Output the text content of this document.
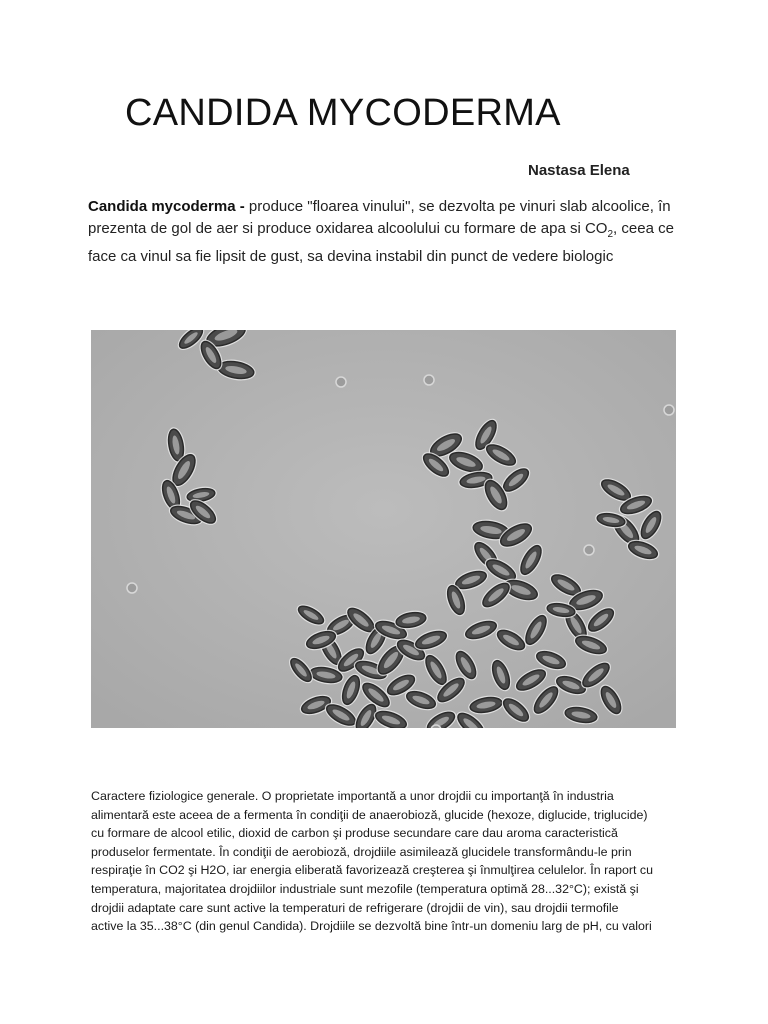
CANDIDA MYCODERMA
Nastasa Elena

Candida mycoderma - produce "floarea vinului", se dezvolta pe vinuri slab alcoolice, în prezenta de gol de aer si produce oxidarea alcoolului cu formare de apa si $CO_2$, ceea ce face ca vinul sa fie lipsit de gust, sa devina instabil din punct de vedere biologic

Caractere fiziologice generale. O proprietate importantă a unor drojdii cu importanţă în industria
alimentară este aceea de a fermenta în condiţii de anaerobioză, glucide (hexoze, diglucide, triglucide)
cu formare de alcool etilic, dioxid de carbon şi produse secundare care dau aroma caracteristică
produselor fermentate. În condiţii de aerobioză, drojdiile asimilează glucidele transformându-le prin
respiraţie în CO2 şi H2O, iar energia eliberată favorizează creşterea şi înmulţirea celulelor. În raport cu
temperatura, majoritatea drojdiilor industriale sunt mezofile (temperatura optimă 28...32°C); există şi
drojdii adaptate care sunt active la temperaturi de refrigerare (drojdii de vin), sau drojdii termofile
active la 35...38°C (din genul Candida). Drojdiile se dezvoltă bine într-un domeniu larg de pH, cu valori
